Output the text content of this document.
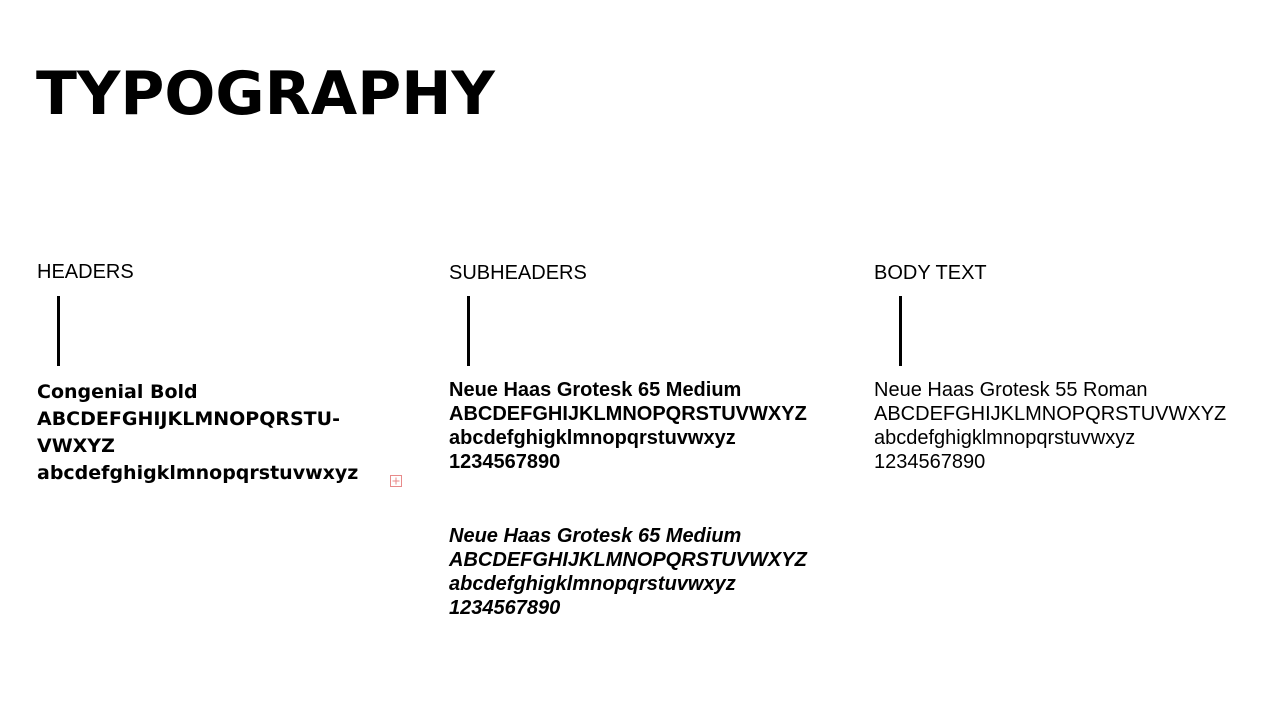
TYPOGRAPHY
HEADERS
Congenial Bold
ABCDEFGHIJKLMNOPQRSTU-
VWXYZ
abcdefghigklmnopqrstuvwxyz
SUBHEADERS
Neue Haas Grotesk 65 Medium
ABCDEFGHIJKLMNOPQRSTUVWXYZ
abcdefghigklmnopqrstuvwxyz
1234567890
Neue Haas Grotesk 65 Medium
ABCDEFGHIJKLMNOPQRSTUVWXYZ
abcdefghigklmnopqrstuvwxyz
1234567890
BODY TEXT
Neue Haas Grotesk 55 Roman
ABCDEFGHIJKLMNOPQRSTUVWXYZ
abcdefghigklmnopqrstuvwxyz
1234567890
